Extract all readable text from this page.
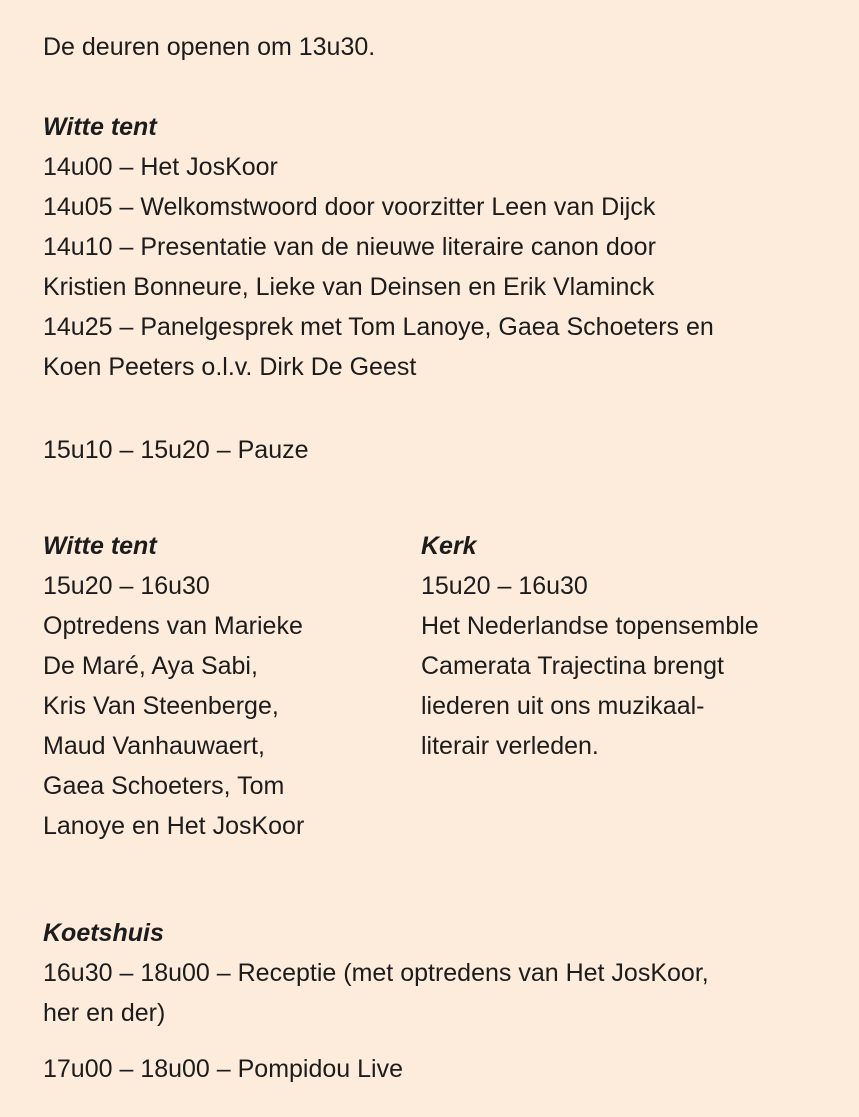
De deuren openen om 13u30.
Witte tent
14u00 – Het JosKoor
14u05 – Welkomstwoord door voorzitter Leen van Dijck
14u10 – Presentatie van de nieuwe literaire canon door
Kristien Bonneure, Lieke van Deinsen en Erik Vlaminck
14u25 – Panelgesprek met Tom Lanoye, Gaea Schoeters en
Koen Peeters o.l.v. Dirk De Geest
15u10 – 15u20 – Pauze
Witte tent
15u20 – 16u30
Optredens van Marieke
De Maré, Aya Sabi,
Kris Van Steenberge,
Maud Vanhauwaert,
Gaea Schoeters, Tom
Lanoye en Het JosKoor
Kerk
15u20 – 16u30
Het Nederlandse topensemble
Camerata Trajectina brengt
liederen uit ons muzikaal-
literair verleden.
Koetshuis
16u30 – 18u00 – Receptie (met optredens van Het JosKoor,
her en der)
17u00 – 18u00 – Pompidou Live
